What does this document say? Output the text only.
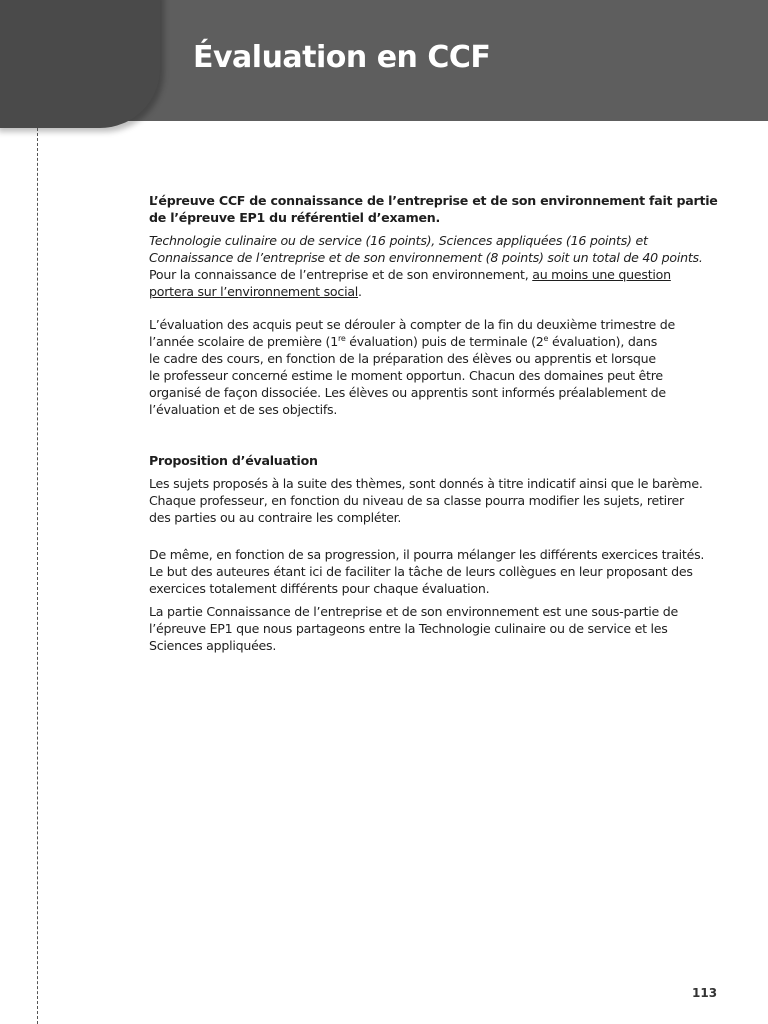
Évaluation en CCF

L’épreuve CCF de connaissance de l’entreprise et de son environnement fait partie
de l’épreuve EP1 du référentiel d’examen.

Technologie culinaire ou de service (16 points), Sciences appliquées (16 points) et
Connaissance de l’entreprise et de son environnement (8 points) soit un total de 40 points.
Pour la connaissance de l’entreprise et de son environnement, au moins une question
portera sur l’environnement social.

L’évaluation des acquis peut se dérouler à compter de la fin du deuxième trimestre de
l’année scolaire de première (1re évaluation) puis de terminale (2e évaluation), dans
le cadre des cours, en fonction de la préparation des élèves ou apprentis et lorsque
le professeur concerné estime le moment opportun. Chacun des domaines peut être
organisé de façon dissociée. Les élèves ou apprentis sont informés préalablement de
l’évaluation et de ses objectifs.

Proposition d’évaluation

Les sujets proposés à la suite des thèmes, sont donnés à titre indicatif ainsi que le barème.
Chaque professeur, en fonction du niveau de sa classe pourra modifier les sujets, retirer
des parties ou au contraire les compléter.

De même, en fonction de sa progression, il pourra mélanger les différents exercices traités.
Le but des auteures étant ici de faciliter la tâche de leurs collègues en leur proposant des
exercices totalement différents pour chaque évaluation.

La partie Connaissance de l’entreprise et de son environnement est une sous-partie de
l’épreuve EP1 que nous partageons entre la Technologie culinaire ou de service et les
Sciences appliquées.

113
